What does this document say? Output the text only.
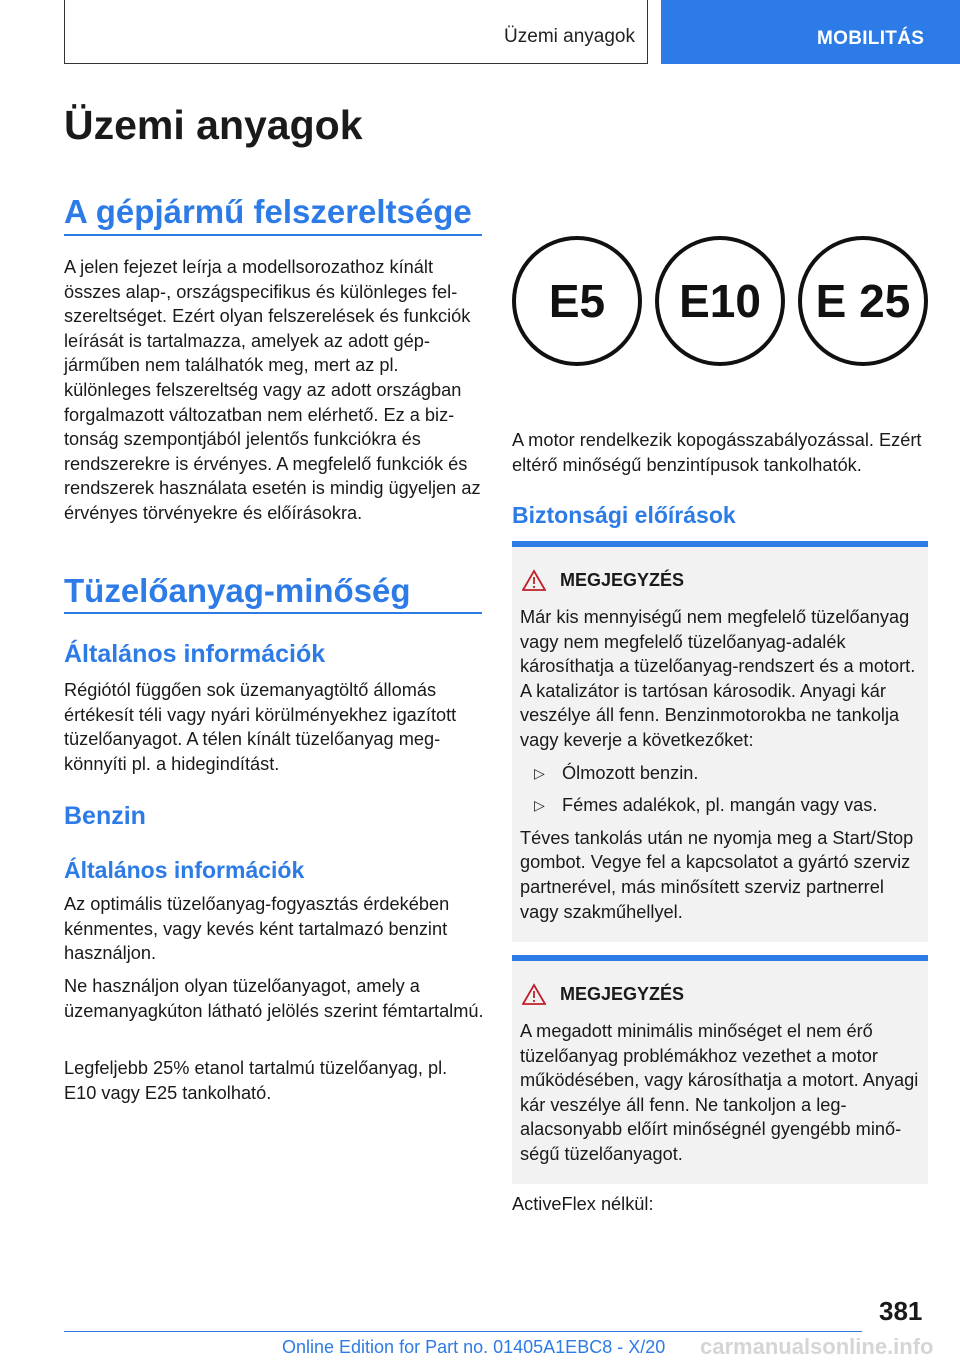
Üzemi anyagok	MOBILITÁS
Üzemi anyagok
A gépjármű felszereltsége

A jelen fejezet leírja a modellsorozathoz kínált összes alap-, országspecifikus és különleges felszereltséget. Ezért olyan felszerelések és funkciók leírását is tartalmazza, amelyek az adott gépjárműben nem találhatók meg, mert az pl. különleges felszereltség vagy az adott országban forgalmazott változatban nem elérhető. Ez a biztonság szempontjából jelentős funkciókra és rendszerekre is érvényes. A megfelelő funkciók és rendszerek használata esetén is mindig ügyeljen az érvényes törvényekre és előírásokra.

Tüzelőanyag-minőség
Általános információk

Régiótól függően sok üzemanyagtöltő állomás értékesít téli vagy nyári körülményekhez igazított tüzelőanyagot. A télen kínált tüzelőanyag megkönnyíti pl. a hidegindítást.

Benzin
Általános információk

Az optimális tüzelőanyag-fogyasztás érdekében kénmentes, vagy kevés ként tartalmazó benzint használjon.

Ne használjon olyan tüzelőanyagot, amely a üzemanyagkúton látható jelölés szerint fémtartalmú.

Legfeljebb 25% etanol tartalmú tüzelőanyag, pl. E10 vagy E25 tankolható.

E5	E10	E 25

A motor rendelkezik kopogásszabályozással. Ezért eltérő minőségű benzintípusok tankolhatók.

Biztonsági előírások
MEGJEGYZÉS

Már kis mennyiségű nem megfelelő tüzelőanyag vagy nem megfelelő tüzelőanyag-adalék károsíthatja a tüzelőanyag-rendszert és a motort. A katalizátor is tartósan károsodik. Anyagi kár veszélye áll fenn. Benzinmotorokba ne tankolja vagy keverje a következőket:

▷ Ólmozott benzin.

▷ Fémes adalékok, pl. mangán vagy vas.

Téves tankolás után ne nyomja meg a Start/Stop gombot. Vegye fel a kapcsolatot a gyártó szerviz partnerével, más minősített szerviz partnerrel vagy szakműhellyel.

MEGJEGYZÉS

A megadott minimális minőséget el nem érő tüzelőanyag problémákhoz vezethet a motor működésében, vagy károsíthatja a motort. Anyagi kár veszélye áll fenn. Ne tankoljon a legalacsonyabb előírt minőségnél gyengébb minőségű tüzelőanyagot.

ActiveFlex nélkül:

381
Online Edition for Part no. 01405A1EBC8 - X/20 carmanualsonline.info
